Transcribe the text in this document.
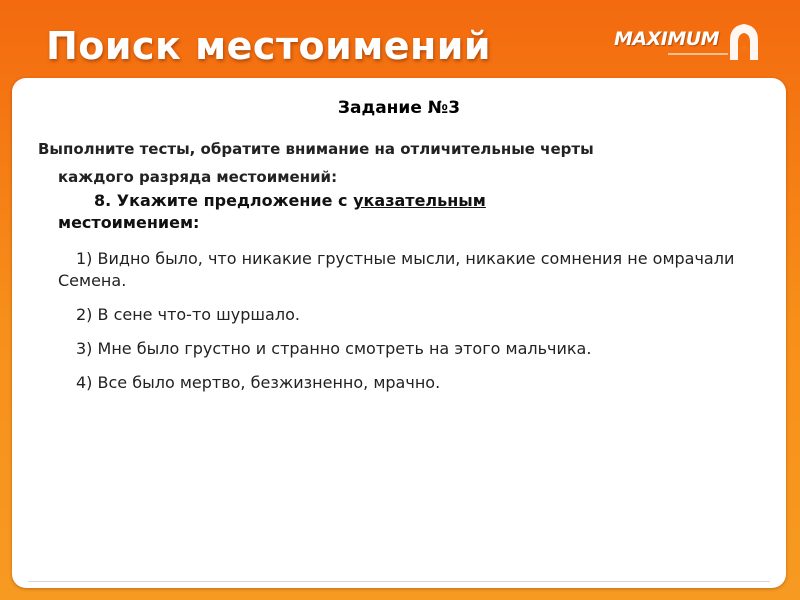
Поиск местоимений	MAXIMUM
Задание №3
Выполните тесты, обратите внимание на отличительные черты
каждого разряда местоимений:
8. Укажите предложение с указательным
местоимением:
1) Видно было, что никакие грустные мысли, никакие сомнения не омрачали Семена.
2) В сене что-то шуршало.
3) Мне было грустно и странно смотреть на этого мальчика.
4) Все было мертво, безжизненно, мрачно.
